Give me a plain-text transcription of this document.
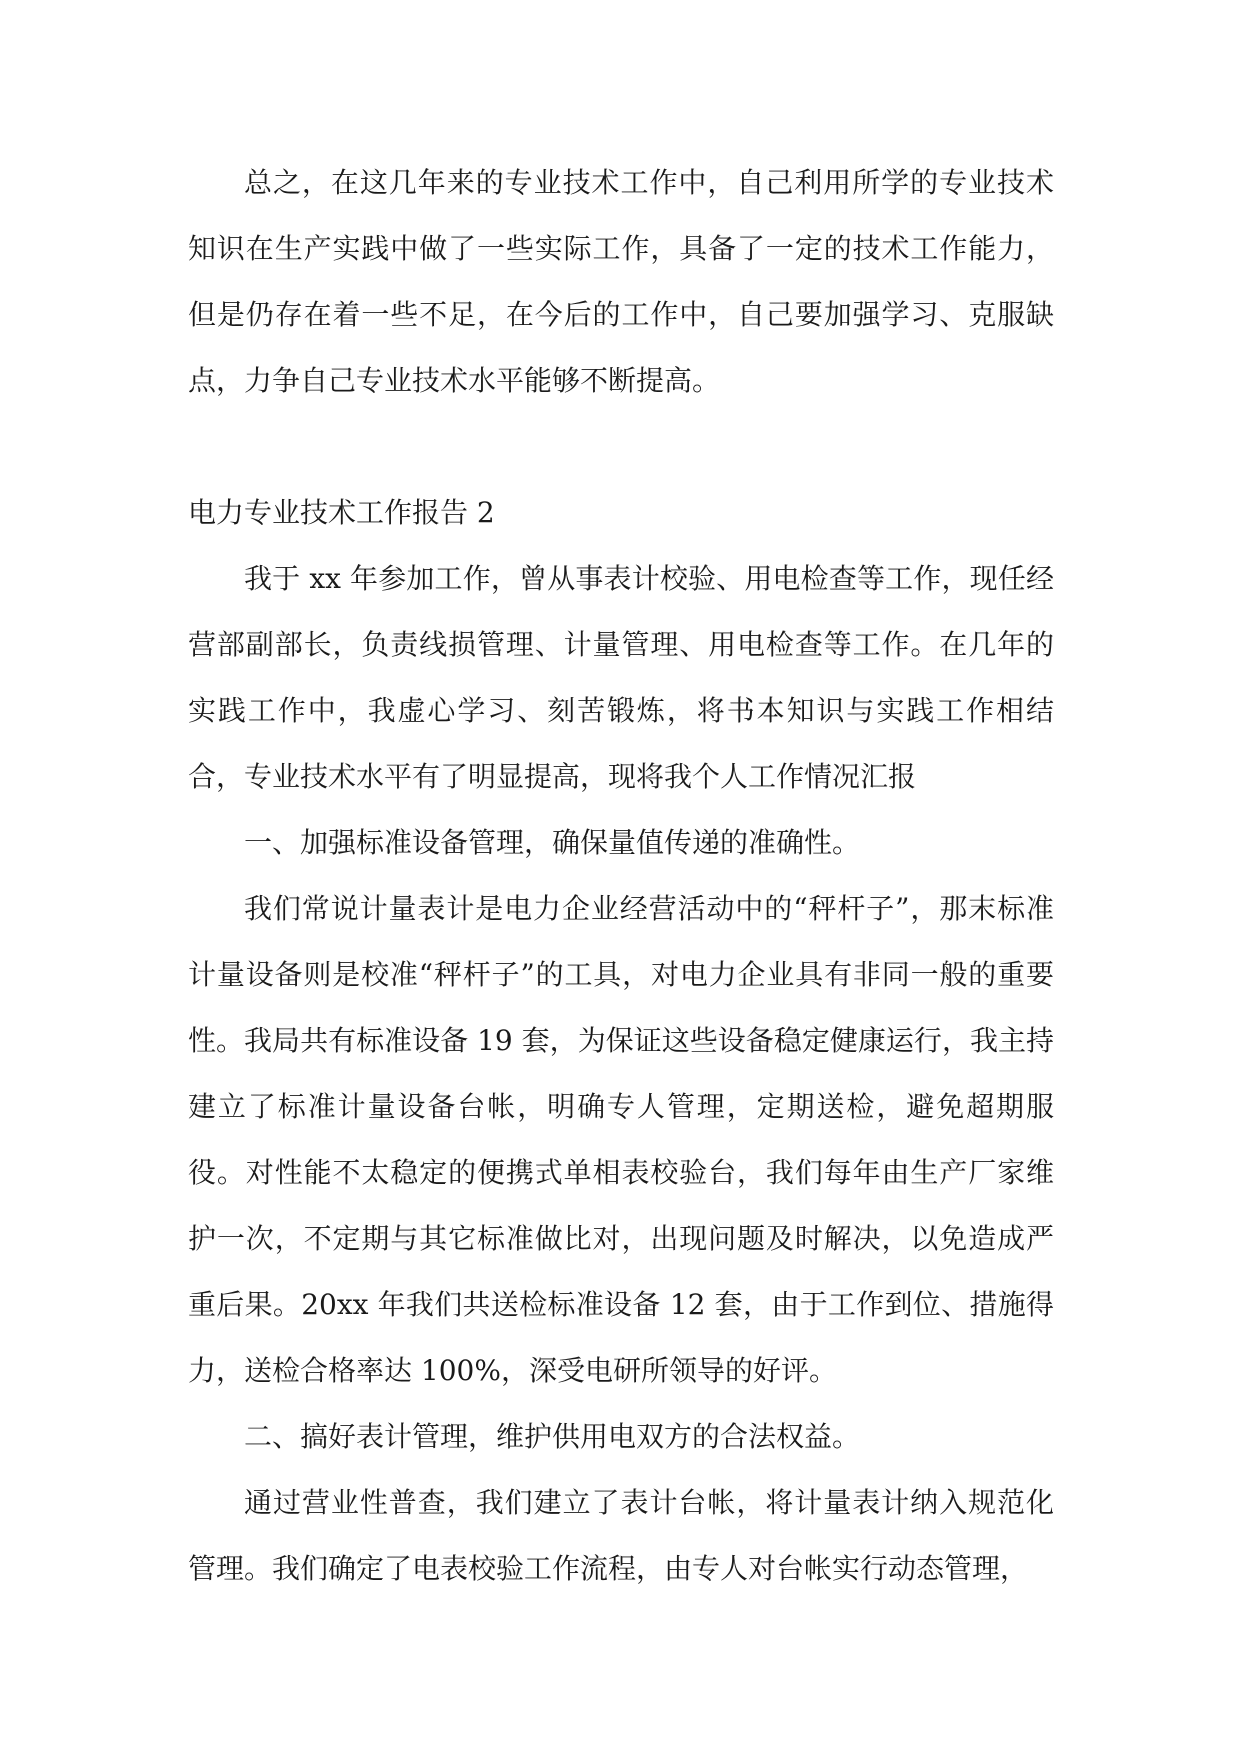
总之，在这几年来的专业技术工作中，自己利用所学的专业技术知识在生产实践中做了一些实际工作，具备了一定的技术工作能力，但是仍存在着一些不足，在今后的工作中，自己要加强学习、克服缺点，力争自己专业技术水平能够不断提高。

电力专业技术工作报告 2

我于 xx 年参加工作，曾从事表计校验、用电检查等工作，现任经营部副部长，负责线损管理、计量管理、用电检查等工作。在几年的实践工作中，我虚心学习、刻苦锻炼，将书本知识与实践工作相结合，专业技术水平有了明显提高，现将我个人工作情况汇报

一、加强标准设备管理，确保量值传递的准确性。

我们常说计量表计是电力企业经营活动中的“秤杆子”，那末标准计量设备则是校准“秤杆子”的工具，对电力企业具有非同一般的重要性。我局共有标准设备 19 套，为保证这些设备稳定健康运行，我主持建立了标准计量设备台帐，明确专人管理，定期送检，避免超期服役。对性能不太稳定的便携式单相表校验台，我们每年由生产厂家维护一次，不定期与其它标准做比对，出现问题及时解决，以免造成严重后果。20xx 年我们共送检标准设备 12 套，由于工作到位、措施得力，送检合格率达 100%，深受电研所领导的好评。

二、搞好表计管理，维护供用电双方的合法权益。

通过营业性普查，我们建立了表计台帐，将计量表计纳入规范化管理。我们确定了电表校验工作流程，由专人对台帐实行动态管理，
